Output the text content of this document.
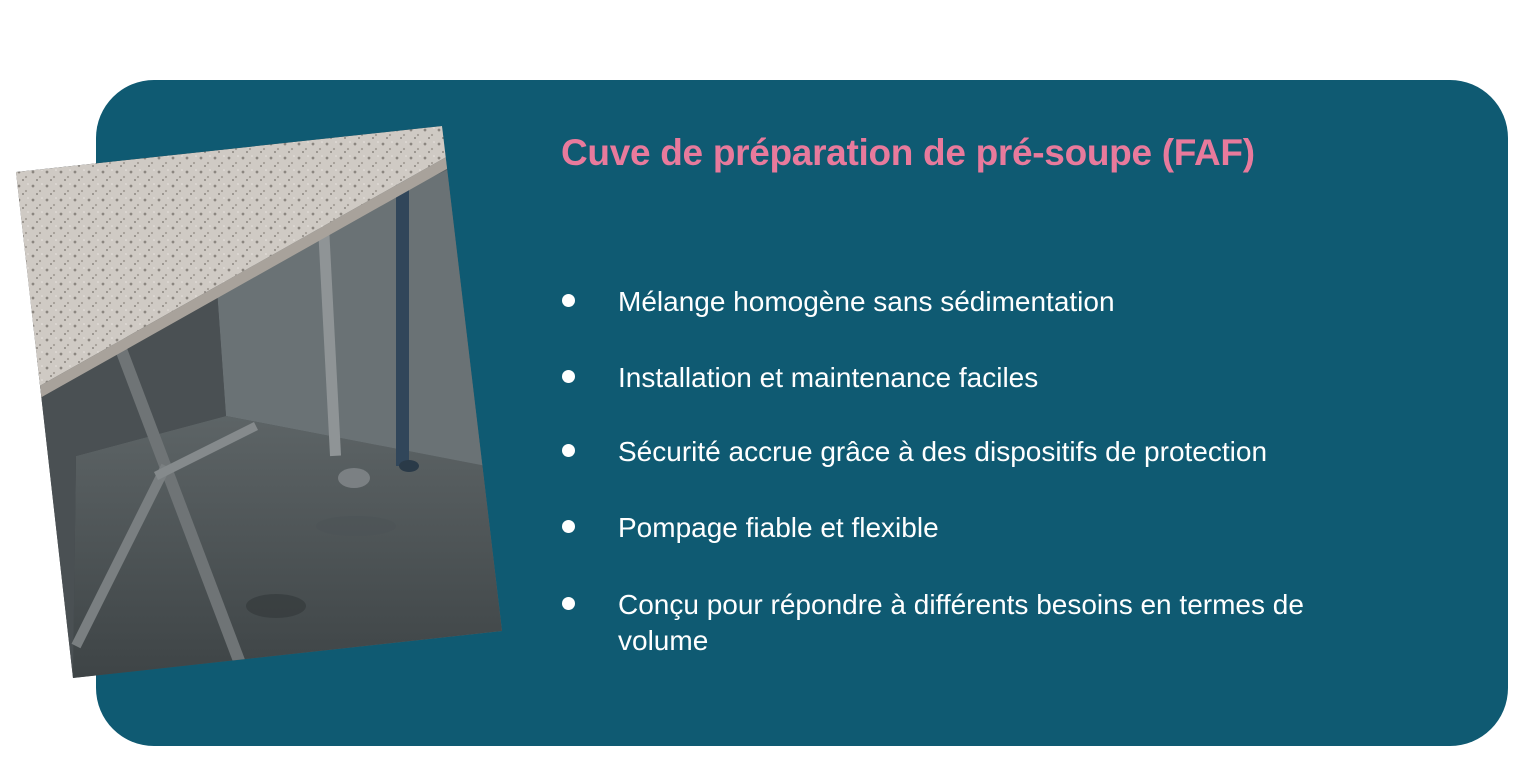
Cuve de préparation de pré-soupe (FAF)
Mélange homogène sans sédimentation
Installation et maintenance faciles
Sécurité accrue grâce à des dispositifs de protection
Pompage fiable et flexible
Conçu pour répondre à différents besoins en termes de volume
